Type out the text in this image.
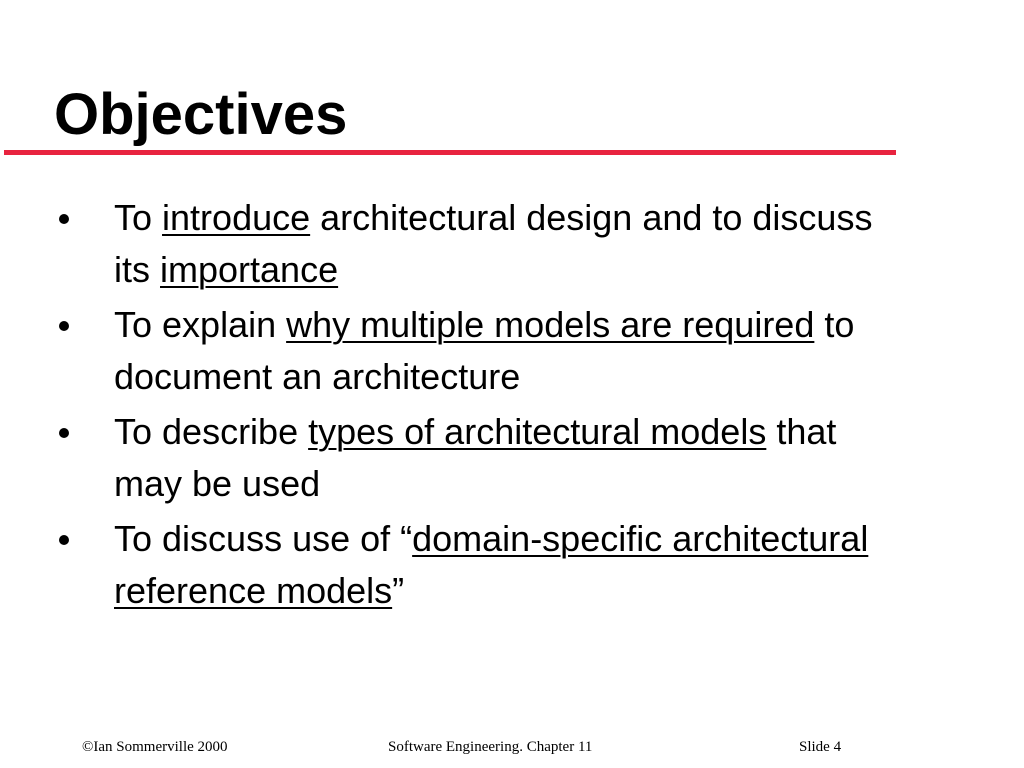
Objectives
To introduce architectural design and to discuss its importance
To explain why multiple models are required to document an architecture
To describe types of architectural models that may be used
To discuss use of “domain-specific architectural reference models”
©Ian Sommerville 2000	Software Engineering. Chapter 11	Slide 4
